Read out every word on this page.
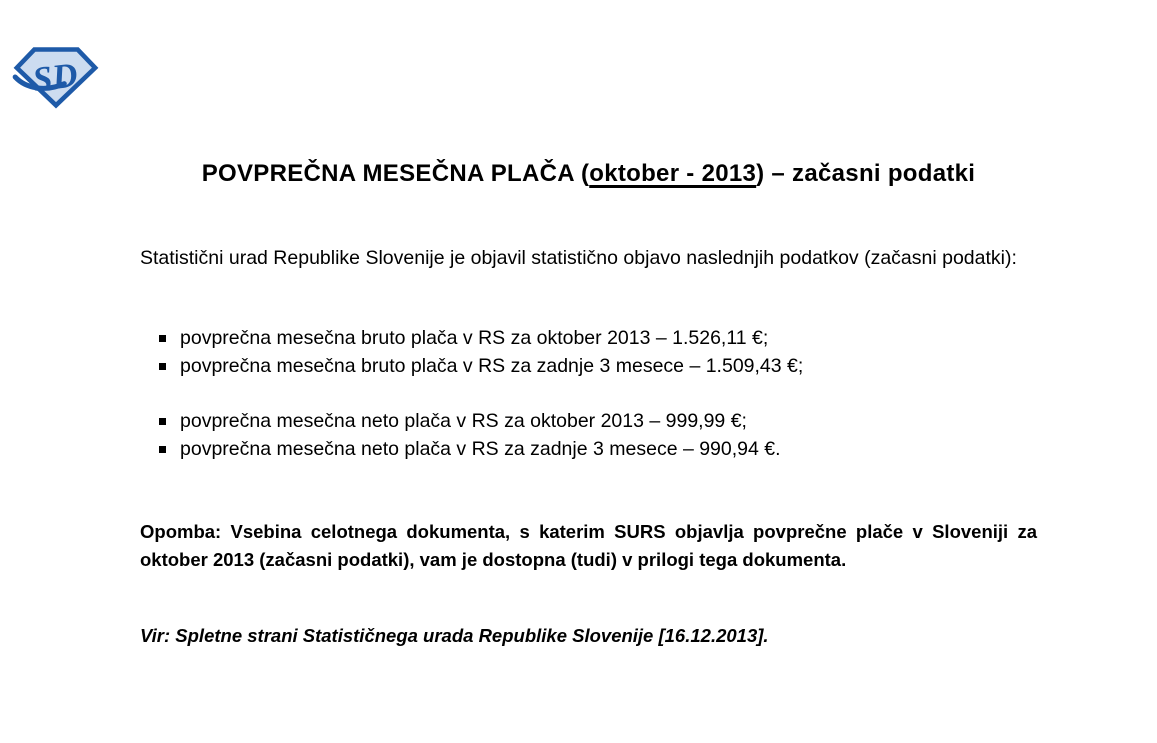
SD
POVPREČNA MESEČNA PLAČA (oktober - 2013) – začasni podatki

Statistični urad Republike Slovenije je objavil statistično objavo naslednjih podatkov (začasni podatki):

povprečna mesečna bruto plača v RS za oktober 2013 – 1.526,11 €;
povprečna mesečna bruto plača v RS za zadnje 3 mesece – 1.509,43 €;
povprečna mesečna neto plača v RS za oktober 2013 – 999,99 €;
povprečna mesečna neto plača v RS za zadnje 3 mesece – 990,94 €.

Opomba: Vsebina celotnega dokumenta, s katerim SURS objavlja povprečne plače v Sloveniji za oktober 2013 (začasni podatki), vam je dostopna (tudi) v prilogi tega dokumenta.

Vir: Spletne strani Statističnega urada Republike Slovenije [16.12.2013].
